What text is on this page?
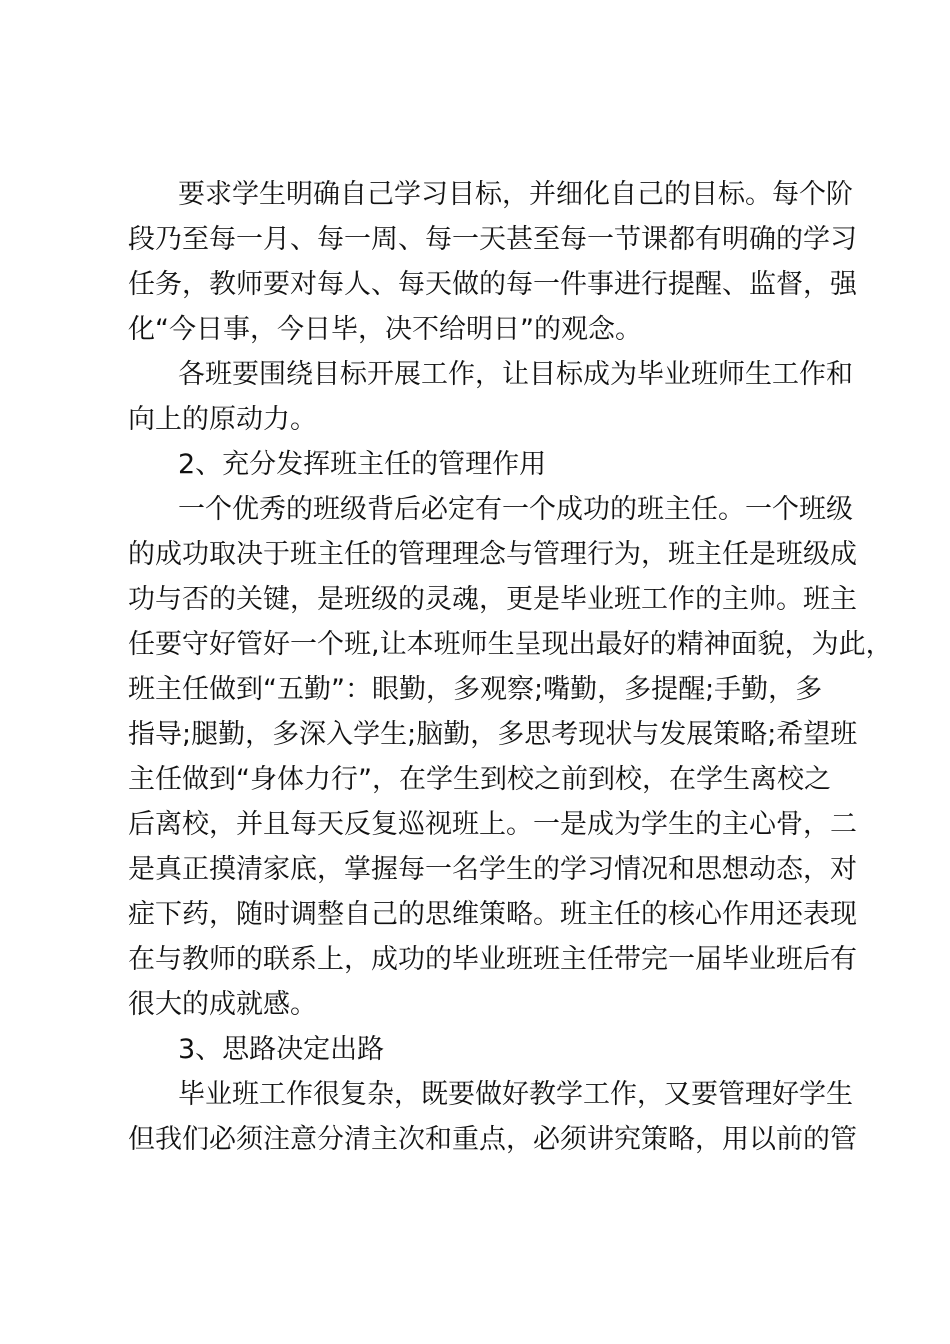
要求学生明确自己学习目标，并细化自己的目标。每个阶
段乃至每一月、每一周、每一天甚至每一节课都有明确的学习
任务，教师要对每人、每天做的每一件事进行提醒、监督，强
化“今日事，今日毕，决不给明日”的观念。
各班要围绕目标开展工作，让目标成为毕业班师生工作和
向上的原动力。
2、充分发挥班主任的管理作用
一个优秀的班级背后必定有一个成功的班主任。一个班级
的成功取决于班主任的管理理念与管理行为，班主任是班级成
功与否的关键，是班级的灵魂，更是毕业班工作的主帅。班主
任要守好管好一个班,让本班师生呈现出最好的精神面貌，为此，
班主任做到“五勤”：眼勤，多观察;嘴勤，多提醒;手勤，多
指导;腿勤，多深入学生;脑勤，多思考现状与发展策略;希望班
主任做到“身体力行”，在学生到校之前到校，在学生离校之
后离校，并且每天反复巡视班上。一是成为学生的主心骨，二
是真正摸清家底，掌握每一名学生的学习情况和思想动态，对
症下药，随时调整自己的思维策略。班主任的核心作用还表现
在与教师的联系上，成功的毕业班班主任带完一届毕业班后有
很大的成就感。
3、思路决定出路
毕业班工作很复杂，既要做好教学工作，又要管理好学生
但我们必须注意分清主次和重点，必须讲究策略，用以前的管
